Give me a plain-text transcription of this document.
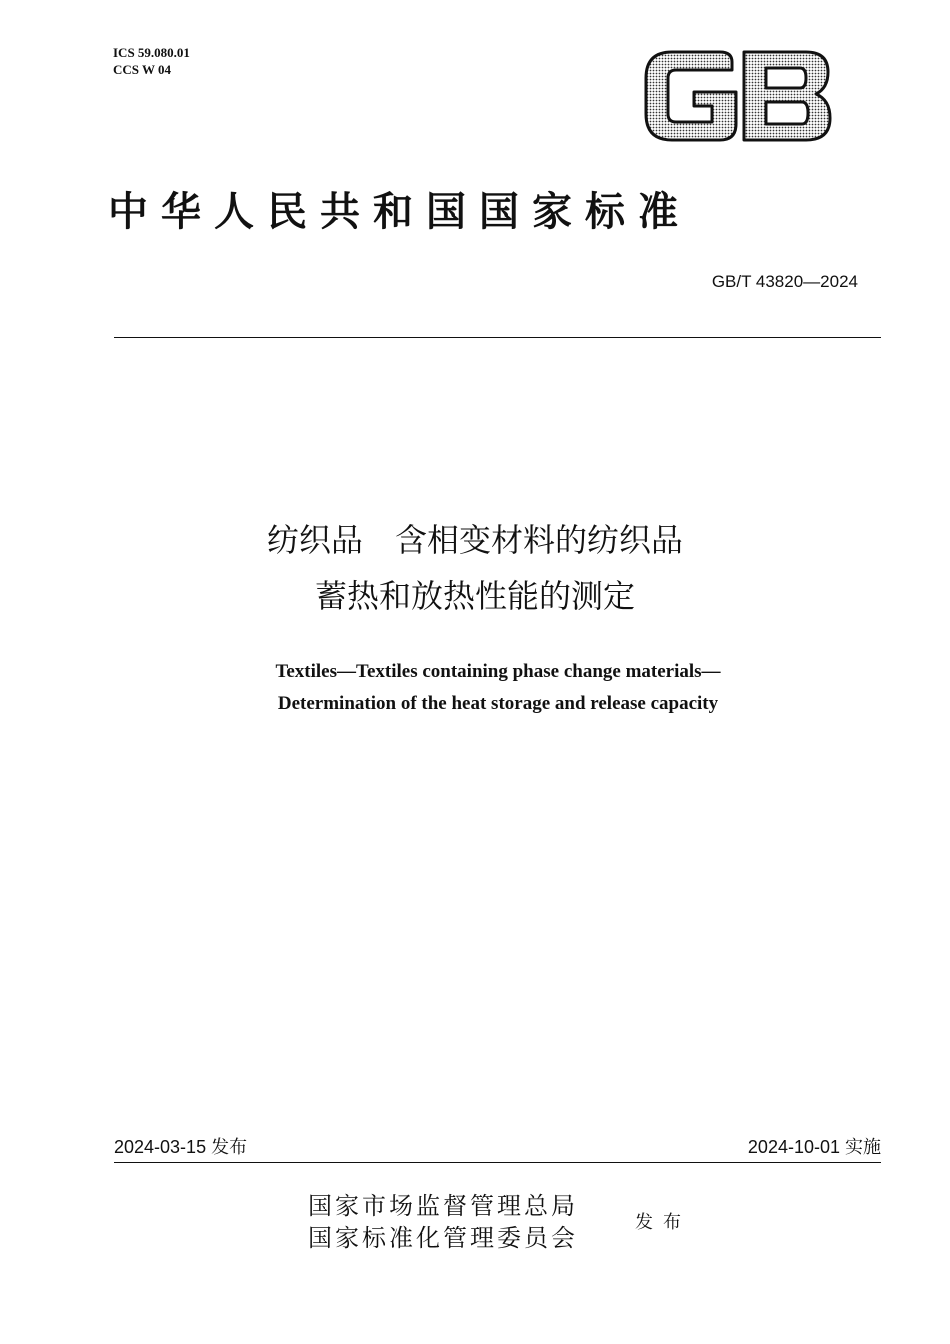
ICS 59.080.01
CCS W 04
中华人民共和国国家标准
GB/T 43820—2024
纺织品　含相变材料的纺织品
蓄热和放热性能的测定
Textiles—Textiles containing phase change materials—
Determination of the heat storage and release capacity
2024-03-15 发布	2024-10-01 实施
国家市场监督管理总局
国家标准化管理委员会
发布
